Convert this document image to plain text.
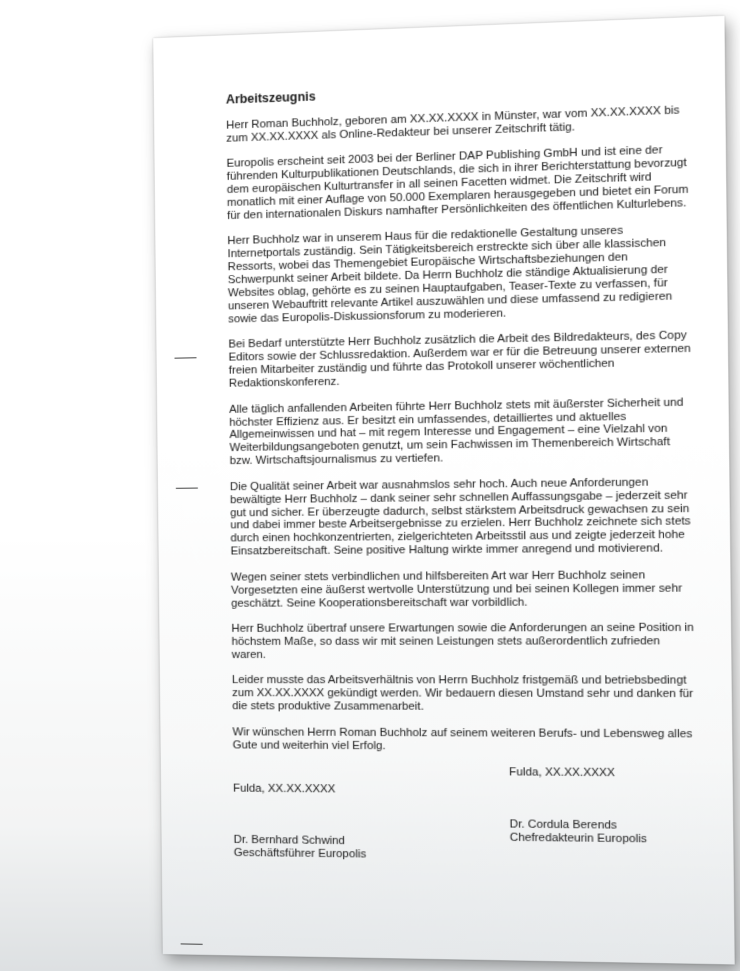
Arbeitszeugnis

Herr Roman Buchholz, geboren am XX.XX.XXXX in Münster, war vom XX.XX.XXXX bis zum XX.XX.XXXX als Online-Redakteur bei unserer Zeitschrift tätig.

Europolis erscheint seit 2003 bei der Berliner DAP Publishing GmbH und ist eine der führenden Kulturpublikationen Deutschlands, die sich in ihrer Berichterstattung bevorzugt dem europäischen Kulturtransfer in all seinen Facetten widmet. Die Zeitschrift wird monatlich mit einer Auflage von 50.000 Exemplaren herausgegeben und bietet ein Forum für den internationalen Diskurs namhafter Persönlichkeiten des öffentlichen Kulturlebens.

Herr Buchholz war in unserem Haus für die redaktionelle Gestaltung unseres Internetportals zuständig. Sein Tätigkeitsbereich erstreckte sich über alle klassischen Ressorts, wobei das Themengebiet Europäische Wirtschaftsbeziehungen den Schwerpunkt seiner Arbeit bildete. Da Herrn Buchholz die ständige Aktualisierung der Websites oblag, gehörte es zu seinen Hauptaufgaben, Teaser-Texte zu verfassen, für unseren Webauftritt relevante Artikel auszuwählen und diese umfassend zu redigieren sowie das Europolis-Diskussionsforum zu moderieren.

Bei Bedarf unterstützte Herr Buchholz zusätzlich die Arbeit des Bildredakteurs, des Copy Editors sowie der Schlussredaktion. Außerdem war er für die Betreuung unserer externen freien Mitarbeiter zuständig und führte das Protokoll unserer wöchentlichen Redaktionskonferenz.

Alle täglich anfallenden Arbeiten führte Herr Buchholz stets mit äußerster Sicherheit und höchster Effizienz aus. Er besitzt ein umfassendes, detailliertes und aktuelles Allgemeinwissen und hat – mit regem Interesse und Engagement – eine Vielzahl von Weiterbildungsangeboten genutzt, um sein Fachwissen im Themenbereich Wirtschaft bzw. Wirtschaftsjournalismus zu vertiefen.

Die Qualität seiner Arbeit war ausnahmslos sehr hoch. Auch neue Anforderungen bewältigte Herr Buchholz – dank seiner sehr schnellen Auffassungsgabe – jederzeit sehr gut und sicher. Er überzeugte dadurch, selbst stärkstem Arbeitsdruck gewachsen zu sein und dabei immer beste Arbeitsergebnisse zu erzielen. Herr Buchholz zeichnete sich stets durch einen hochkonzentrierten, zielgerichteten Arbeitsstil aus und zeigte jederzeit hohe Einsatzbereitschaft. Seine positive Haltung wirkte immer anregend und motivierend.

Wegen seiner stets verbindlichen und hilfsbereiten Art war Herr Buchholz seinen Vorgesetzten eine äußerst wertvolle Unterstützung und bei seinen Kollegen immer sehr geschätzt. Seine Kooperationsbereitschaft war vorbildlich.

Herr Buchholz übertraf unsere Erwartungen sowie die Anforderungen an seine Position in höchstem Maße, so dass wir mit seinen Leistungen stets außerordentlich zufrieden waren.

Leider musste das Arbeitsverhältnis von Herrn Buchholz fristgemäß und betriebsbedingt zum XX.XX.XXXX gekündigt werden. Wir bedauern diesen Umstand sehr und danken für die stets produktive Zusammenarbeit.

Wir wünschen Herrn Roman Buchholz auf seinem weiteren Berufs- und Lebensweg alles Gute und weiterhin viel Erfolg.

Fulda, XX.XX.XXXX
Dr. Bernhard Schwind
Geschäftsführer Europolis
Fulda, XX.XX.XXXX
Dr. Cordula Berends
Chefredakteurin Europolis
